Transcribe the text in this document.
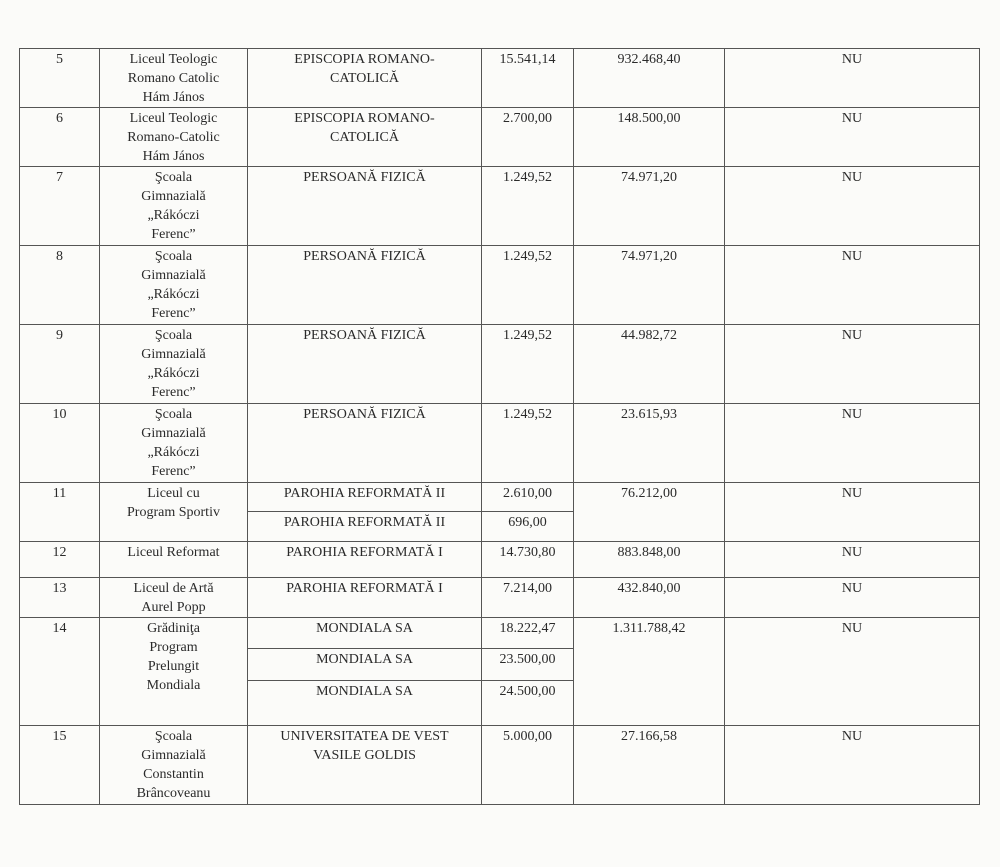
5	Liceul Teologic
Romano Catolic
Hám János	EPISCOPIA ROMANO-
CATOLICĂ	15.541,14	932.468,40	NU
6	Liceul Teologic
Romano-Catolic
Hám János	EPISCOPIA ROMANO-
CATOLICĂ	2.700,00	148.500,00	NU
7	Şcoala
Gimnazială
„Rákóczi
Ferenc”	PERSOANĂ FIZICĂ	1.249,52	74.971,20	NU
8	Şcoala
Gimnazială
„Rákóczi
Ferenc”	PERSOANĂ FIZICĂ	1.249,52	74.971,20	NU
9	Şcoala
Gimnazială
„Rákóczi
Ferenc”	PERSOANĂ FIZICĂ	1.249,52	44.982,72	NU
10	Şcoala
Gimnazială
„Rákóczi
Ferenc”	PERSOANĂ FIZICĂ	1.249,52	23.615,93	NU
11	Liceul cu
Program Sportiv	PAROHIA REFORMATĂ II	2.610,00	76.212,00	NU

		PAROHIA REFORMATĂ II	696,00		
12	Liceul Reformat	PAROHIA REFORMATĂ I	14.730,80	883.848,00	NU
13	Liceul de Artă
Aurel Popp	PAROHIA REFORMATĂ I	7.214,00	432.840,00	NU
14	Grădiniţa
Program
Prelungit
Mondiala	MONDIALA SA	18.222,47	1.311.788,42	NU

		MONDIALA SA	23.500,00		

		MONDIALA SA	24.500,00		
15	Şcoala
Gimnazială
Constantin
Brâncoveanu	UNIVERSITATEA DE VEST
VASILE GOLDIS	5.000,00	27.166,58	NU
